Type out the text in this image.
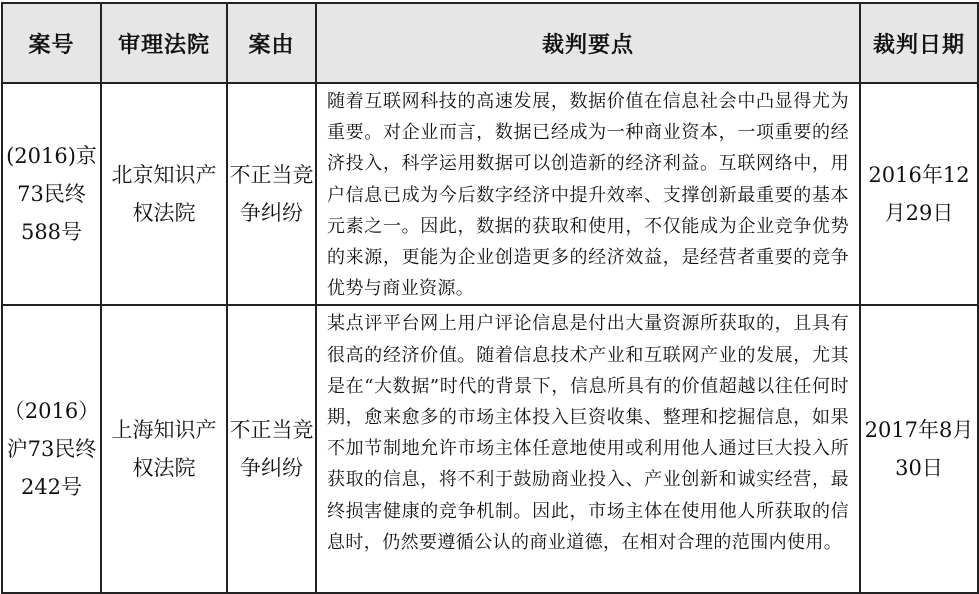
案号	审理法院	案由	裁判要点	裁判日期
(2016)京73民终588号	北京知识产权法院	不正当竞争纠纷	随着互联网科技的高速发展，数据价值在信息社会中凸显得尤为重要。对企业而言，数据已经成为一种商业资本，一项重要的经济投入，科学运用数据可以创造新的经济利益。互联网络中，用户信息已成为今后数字经济中提升效率、支撑创新最重要的基本元素之一。因此，数据的获取和使用，不仅能成为企业竞争优势的来源，更能为企业创造更多的经济效益，是经营者重要的竞争优势与商业资源。	2016年12月29日
（2016）沪73民终242号	上海知识产权法院	不正当竞争纠纷	某点评平台网上用户评论信息是付出大量资源所获取的，且具有很高的经济价值。随着信息技术产业和互联网产业的发展，尤其是在“大数据”时代的背景下，信息所具有的价值超越以往任何时期，愈来愈多的市场主体投入巨资收集、整理和挖掘信息，如果不加节制地允许市场主体任意地使用或利用他人通过巨大投入所获取的信息，将不利于鼓励商业投入、产业创新和诚实经营，最终损害健康的竞争机制。因此，市场主体在使用他人所获取的信息时，仍然要遵循公认的商业道德，在相对合理的范围内使用。	2017年8月30日
